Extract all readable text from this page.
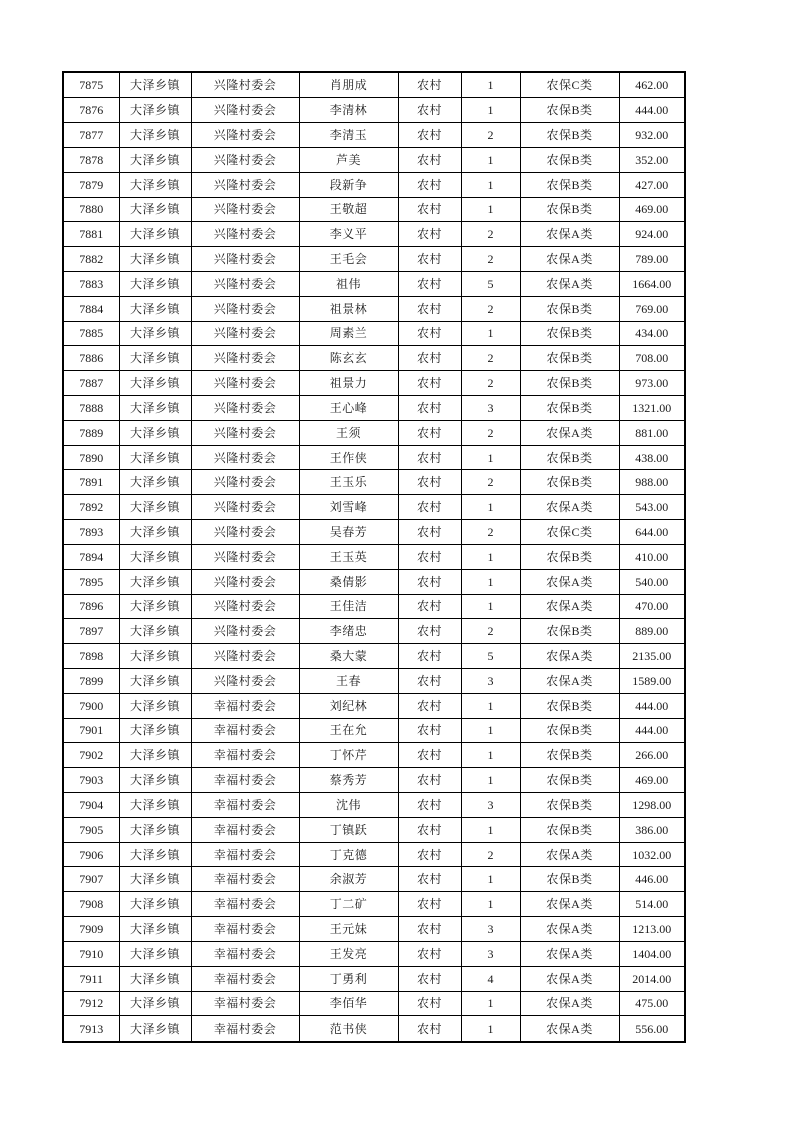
7875	大泽乡镇	兴隆村委会	肖朋成	农村	1	农保C类	462.00
7876	大泽乡镇	兴隆村委会	李清林	农村	1	农保B类	444.00
7877	大泽乡镇	兴隆村委会	李清玉	农村	2	农保B类	932.00
7878	大泽乡镇	兴隆村委会	芦美	农村	1	农保B类	352.00
7879	大泽乡镇	兴隆村委会	段新争	农村	1	农保B类	427.00
7880	大泽乡镇	兴隆村委会	王敬超	农村	1	农保B类	469.00
7881	大泽乡镇	兴隆村委会	李义平	农村	2	农保A类	924.00
7882	大泽乡镇	兴隆村委会	王毛会	农村	2	农保A类	789.00
7883	大泽乡镇	兴隆村委会	祖伟	农村	5	农保A类	1664.00
7884	大泽乡镇	兴隆村委会	祖景林	农村	2	农保B类	769.00
7885	大泽乡镇	兴隆村委会	周素兰	农村	1	农保B类	434.00
7886	大泽乡镇	兴隆村委会	陈玄玄	农村	2	农保B类	708.00
7887	大泽乡镇	兴隆村委会	祖景力	农村	2	农保B类	973.00
7888	大泽乡镇	兴隆村委会	王心峰	农村	3	农保B类	1321.00
7889	大泽乡镇	兴隆村委会	王须	农村	2	农保A类	881.00
7890	大泽乡镇	兴隆村委会	王作侠	农村	1	农保B类	438.00
7891	大泽乡镇	兴隆村委会	王玉乐	农村	2	农保B类	988.00
7892	大泽乡镇	兴隆村委会	刘雪峰	农村	1	农保A类	543.00
7893	大泽乡镇	兴隆村委会	吴春芳	农村	2	农保C类	644.00
7894	大泽乡镇	兴隆村委会	王玉英	农村	1	农保B类	410.00
7895	大泽乡镇	兴隆村委会	桑倩影	农村	1	农保A类	540.00
7896	大泽乡镇	兴隆村委会	王佳洁	农村	1	农保A类	470.00
7897	大泽乡镇	兴隆村委会	李绪忠	农村	2	农保B类	889.00
7898	大泽乡镇	兴隆村委会	桑大蒙	农村	5	农保A类	2135.00
7899	大泽乡镇	兴隆村委会	王春	农村	3	农保A类	1589.00
7900	大泽乡镇	幸福村委会	刘纪林	农村	1	农保B类	444.00
7901	大泽乡镇	幸福村委会	王在允	农村	1	农保B类	444.00
7902	大泽乡镇	幸福村委会	丁怀芹	农村	1	农保B类	266.00
7903	大泽乡镇	幸福村委会	蔡秀芳	农村	1	农保B类	469.00
7904	大泽乡镇	幸福村委会	沈伟	农村	3	农保B类	1298.00
7905	大泽乡镇	幸福村委会	丁镇跃	农村	1	农保B类	386.00
7906	大泽乡镇	幸福村委会	丁克德	农村	2	农保A类	1032.00
7907	大泽乡镇	幸福村委会	余淑芳	农村	1	农保B类	446.00
7908	大泽乡镇	幸福村委会	丁二矿	农村	1	农保A类	514.00
7909	大泽乡镇	幸福村委会	王元妹	农村	3	农保A类	1213.00
7910	大泽乡镇	幸福村委会	王发亮	农村	3	农保A类	1404.00
7911	大泽乡镇	幸福村委会	丁勇利	农村	4	农保A类	2014.00
7912	大泽乡镇	幸福村委会	李佰华	农村	1	农保A类	475.00
7913	大泽乡镇	幸福村委会	范书侠	农村	1	农保A类	556.00
